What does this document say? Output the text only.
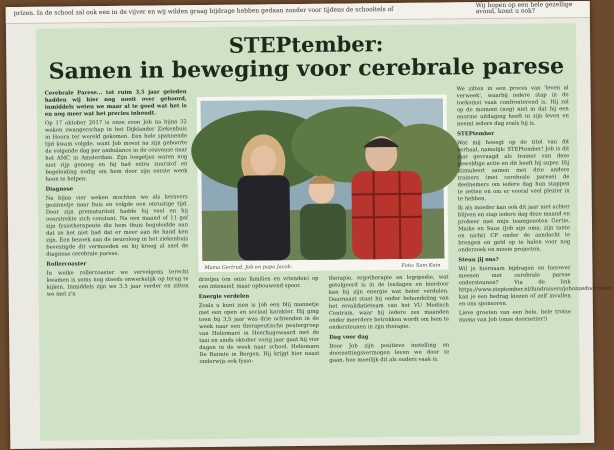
prizen. In de school zal ook een in de vijver en wij wilden graag bijdrage hebben gedaan zonder voor tijdens de schooltels of
Wij hopen op een hele gezellige avond, komt u ook?
STEPtember:
Samen in beweging voor cerebrale parese

Cerebrale Parese... tot ruim 3,5 jaar geleden hadden wij hier nog nooit over gehoord, inmiddels weten we maar al te goed wat het is en nog meer wat het precies inhoudt.

Op 17 oktober 2017 is onze zoon Job na bijna 32 weken zwangerschap in het Dijklander Ziekenhuis in Hoorn ter wereld gekomen. Een hele spannende tijd kwam volgde, want Job moest na zijn geboorte de volgende dag per ambulance in de couveuse naar het AMC in Amsterdam. Zijn longetjes waren nog niet rijp genoeg en hij had extra zuurstof en begeleiding nodig om hem door zijn eerste week heen te helpen.

Diagnose

Na bijna vier weken mochten we als kersvers gezinnetje naar huis en volgde een onrustige tijd. Door zijn prematuriteit hadde hij veel en hij overstrekte zich constant. Na een maand of 11 gaf zijn fysiotherapeute die hem thuis begeleidde aan dat ze het niet had dat er meer aan de hand ken zijn. Een bezoek aan de neuroloog in het ziekenhuis bevestigde dit vermoeden en hij kreeg al snel de diagnose cerebrale parese.

Rollercoaster

In welke rollercoaster we vervolgens terecht kwamen is soms nog steeds onwerkelijk op terug te kijken. Inmiddels zijn we 3,5 jaar verder en zitten we met z'n

Mama Gertrud, Job en papa Jacob.	Foto: Sam Kuin

drietjes (en onze families en vrienden) op een intensief, maar opbouwend spoor.

Energie verdelen

Zoals u kunt zien is Job een blij mannetje met een open en sociaal karakter. Hij ging toen bij 3,5 jaar was drie ochtenden in de week naar een therapeutische peutergroep van Heliomare in Heerhugowaard met de taxi en sinds oktober vorig jaar gaat hij vier dagen in de week naar school, Heliomare De Ruimte in Bergen. Hij krijgt hier naast onderwijs ook fysio-

therapie, ergotherapie en logopedie, wat getolgeerd is in de lesdagen en hierdoor kan hij zijn energie wat beter verdelen. Daarnaast staat hij onder behandeling van het revalidatieteam van het VU Medisch Centrum, waar hij iedere zes maanden onder meerdere betrokken wordt om hem te ondersteunen in zijn therapie.

Dag voor dag

Door Job zijn positieve instelling en doorzettingsvermogen leven we door te gaan, hoe moeilijk dit als ouders vaak is.

We zitten in een proces van 'leven al verweek', waarbij iedere stap in de toekomst vaak confronterend is. Hij zal op de moment (nog) niet in dat hij een enorme uitdaging heeft in zijn leven en neemt iedere dag zoals hij is.

STEPtember

Wat mij hoeegt op de titel van dit verhaal, namelijk: STEPtember! Job is dit jaar gevraagd als trainer van deze geweldige actie en dit heeft hij super. Hij stimuleert samen met drie andere trainers (met cerebrale parese) de deelnemers om iedere dag hun stappen te zetten en om er vooral veel plezier in te hebben.

Ik als moeder kan ook dit jaar niet achter blijven en stap iedere dag deze maand en probeer met mijn teamgenoten Gertie, Maike en Suus (Job zijn oma, zijn tante en nicht) CP onder de aandacht te brengen en geld op te halen voor nog onderzoek en mooie projecten.

Steun jij ons?

Wil je hiernaam bijdragen en hierover meesen met cerebrale parese ondersteunen? Via de link https://www.steptember.nl/fundraisers/johonzedoorzetter kan je een bedrag kiezen of zelf invullen en ons sponsoren.

Lieve groeten van een hele, hele trotse mama van Job (onze doorzetter!)
